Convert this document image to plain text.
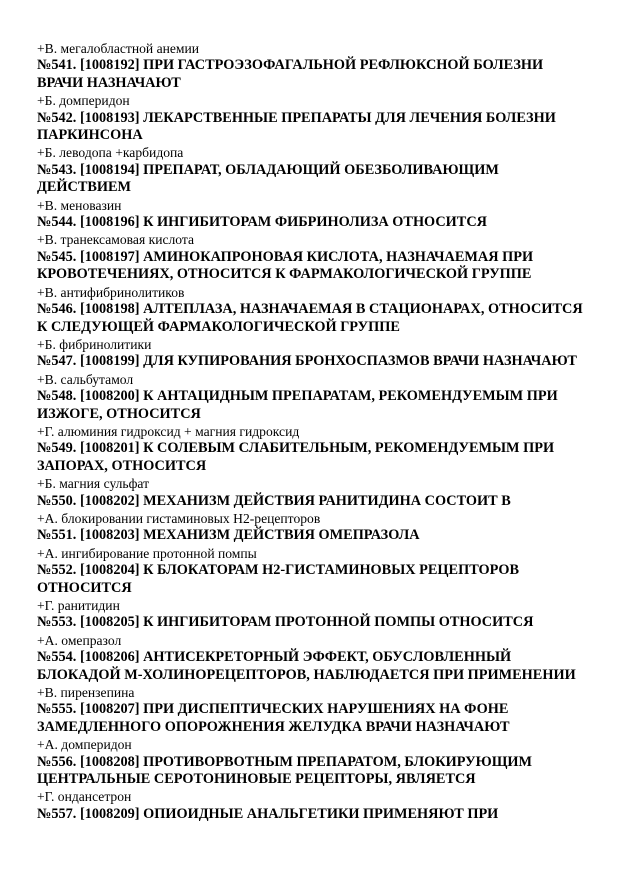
+В. мегалобластной анемии
№541. [1008192] ПРИ ГАСТРОЭЗОФАГАЛЬНОЙ РЕФЛЮКСНОЙ БОЛЕЗНИ ВРАЧИ НАЗНАЧАЮТ
+Б. домперидон
№542. [1008193] ЛЕКАРСТВЕННЫЕ ПРЕПАРАТЫ ДЛЯ ЛЕЧЕНИЯ БОЛЕЗНИ ПАРКИНСОНА
+Б. леводопа +карбидопа
№543. [1008194] ПРЕПАРАТ, ОБЛАДАЮЩИЙ ОБЕЗБОЛИВАЮЩИМ ДЕЙСТВИЕМ
+В. меновазин
№544. [1008196] К ИНГИБИТОРАМ ФИБРИНОЛИЗА ОТНОСИТСЯ
+В. транексамовая кислота
№545. [1008197] АМИНОКАПРОНОВАЯ КИСЛОТА, НАЗНАЧАЕМАЯ ПРИ КРОВОТЕЧЕНИЯХ, ОТНОСИТСЯ К ФАРМАКОЛОГИЧЕСКОЙ ГРУППЕ
+В. антифибринолитиков
№546. [1008198] АЛТЕПЛАЗА, НАЗНАЧАЕМАЯ В СТАЦИОНАРАХ, ОТНОСИТСЯ К СЛЕДУЮЩЕЙ ФАРМАКОЛОГИЧЕСКОЙ ГРУППЕ
+Б. фибринолитики
№547. [1008199] ДЛЯ КУПИРОВАНИЯ БРОНХОСПАЗМОВ ВРАЧИ НАЗНАЧАЮТ
+В. сальбутамол
№548. [1008200] К АНТАЦИДНЫМ ПРЕПАРАТАМ, РЕКОМЕНДУЕМЫМ ПРИ ИЗЖОГЕ, ОТНОСИТСЯ
+Г. алюминия гидроксид + магния гидроксид
№549. [1008201] К СОЛЕВЫМ СЛАБИТЕЛЬНЫМ, РЕКОМЕНДУЕМЫМ ПРИ ЗАПОРАХ, ОТНОСИТСЯ
+Б. магния сульфат
№550. [1008202] МЕХАНИЗМ ДЕЙСТВИЯ РАНИТИДИНА СОСТОИТ В
+А. блокировании гистаминовых Н2-рецепторов
№551. [1008203] МЕХАНИЗМ ДЕЙСТВИЯ ОМЕПРАЗОЛА
+А. ингибирование протонной помпы
№552. [1008204] К БЛОКАТОРАМ Н2-ГИСТАМИНОВЫХ РЕЦЕПТОРОВ ОТНОСИТСЯ
+Г. ранитидин
№553. [1008205] К ИНГИБИТОРАМ ПРОТОННОЙ ПОМПЫ ОТНОСИТСЯ
+А. омепразол
№554. [1008206] АНТИСЕКРЕТОРНЫЙ ЭФФЕКТ, ОБУСЛОВЛЕННЫЙ БЛОКАДОЙ М-ХОЛИНОРЕЦЕПТОРОВ, НАБЛЮДАЕТСЯ ПРИ ПРИМЕНЕНИИ
+В. пирензепина
№555. [1008207] ПРИ ДИСПЕПТИЧЕСКИХ НАРУШЕНИЯХ НА ФОНЕ ЗАМЕДЛЕННОГО ОПОРОЖНЕНИЯ ЖЕЛУДКА ВРАЧИ НАЗНАЧАЮТ
+А. домперидон
№556. [1008208] ПРОТИВОРВОТНЫМ ПРЕПАРАТОМ, БЛОКИРУЮЩИМ ЦЕНТРАЛЬНЫЕ СЕРОТОНИНОВЫЕ РЕЦЕПТОРЫ, ЯВЛЯЕТСЯ
+Г. ондансетрон
№557. [1008209] ОПИОИДНЫЕ АНАЛЬГЕТИКИ ПРИМЕНЯЮТ ПРИ
